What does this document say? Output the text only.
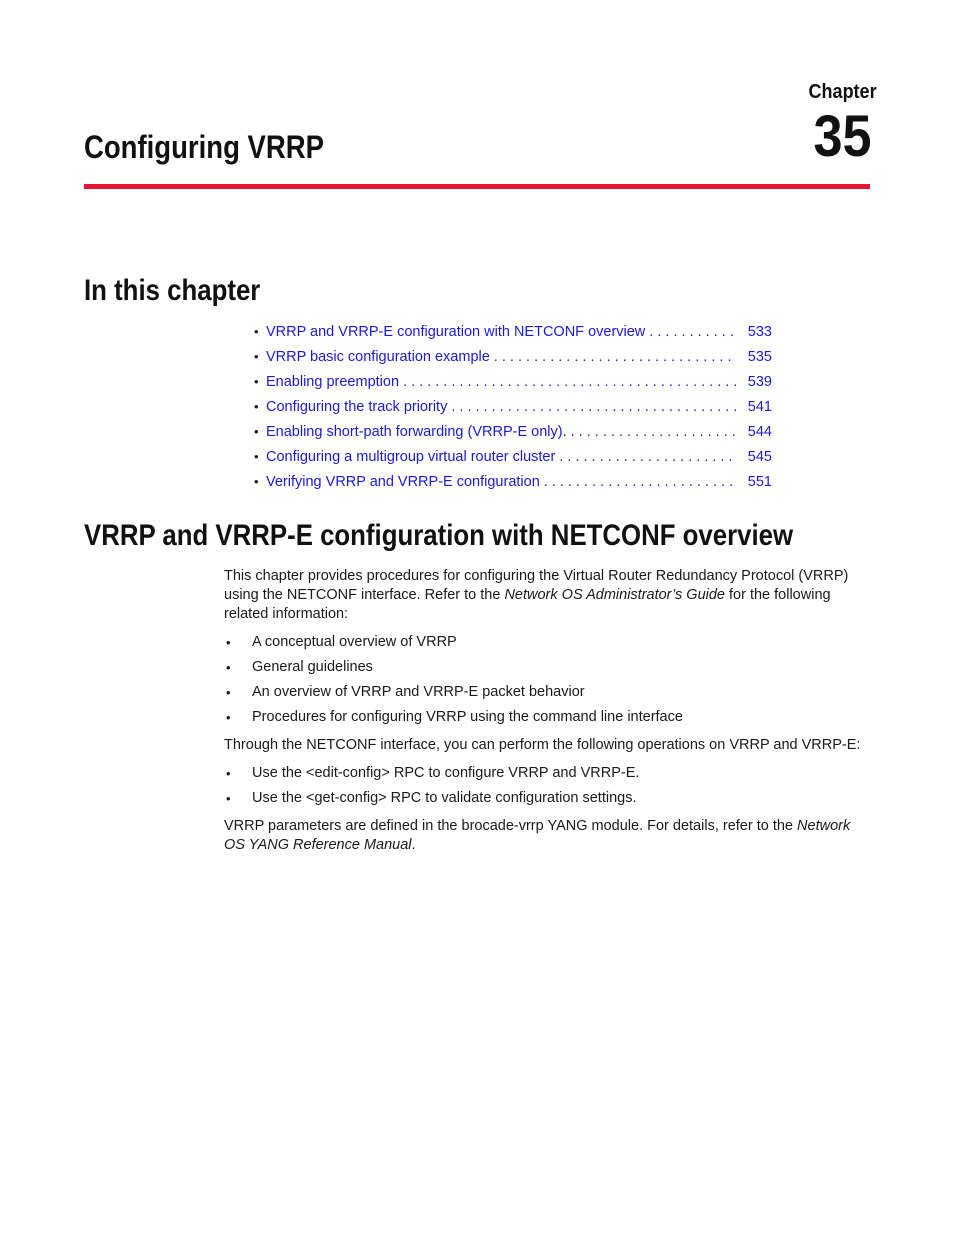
Chapter
35
Configuring VRRP
In this chapter
• VRRP and VRRP-E configuration with NETCONF overview . . .	533
• VRRP basic configuration example . . .	535
• Enabling preemption . . .	539
• Configuring the track priority . . .	541
• Enabling short-path forwarding (VRRP-E only). . . .	544
• Configuring a multigroup virtual router cluster . . .	545
• Verifying VRRP and VRRP-E configuration . . .	551
VRRP and VRRP-E configuration with NETCONF overview

This chapter provides procedures for configuring the Virtual Router Redundancy Protocol (VRRP) using the NETCONF interface. Refer to the Network OS Administrator’s Guide for the following related information:

• A conceptual overview of VRRP
• General guidelines
• An overview of VRRP and VRRP-E packet behavior
• Procedures for configuring VRRP using the command line interface

Through the NETCONF interface, you can perform the following operations on VRRP and VRRP-E:

• Use the <edit-config> RPC to configure VRRP and VRRP-E.
• Use the <get-config> RPC to validate configuration settings.

VRRP parameters are defined in the brocade-vrrp YANG module. For details, refer to the Network OS YANG Reference Manual.
